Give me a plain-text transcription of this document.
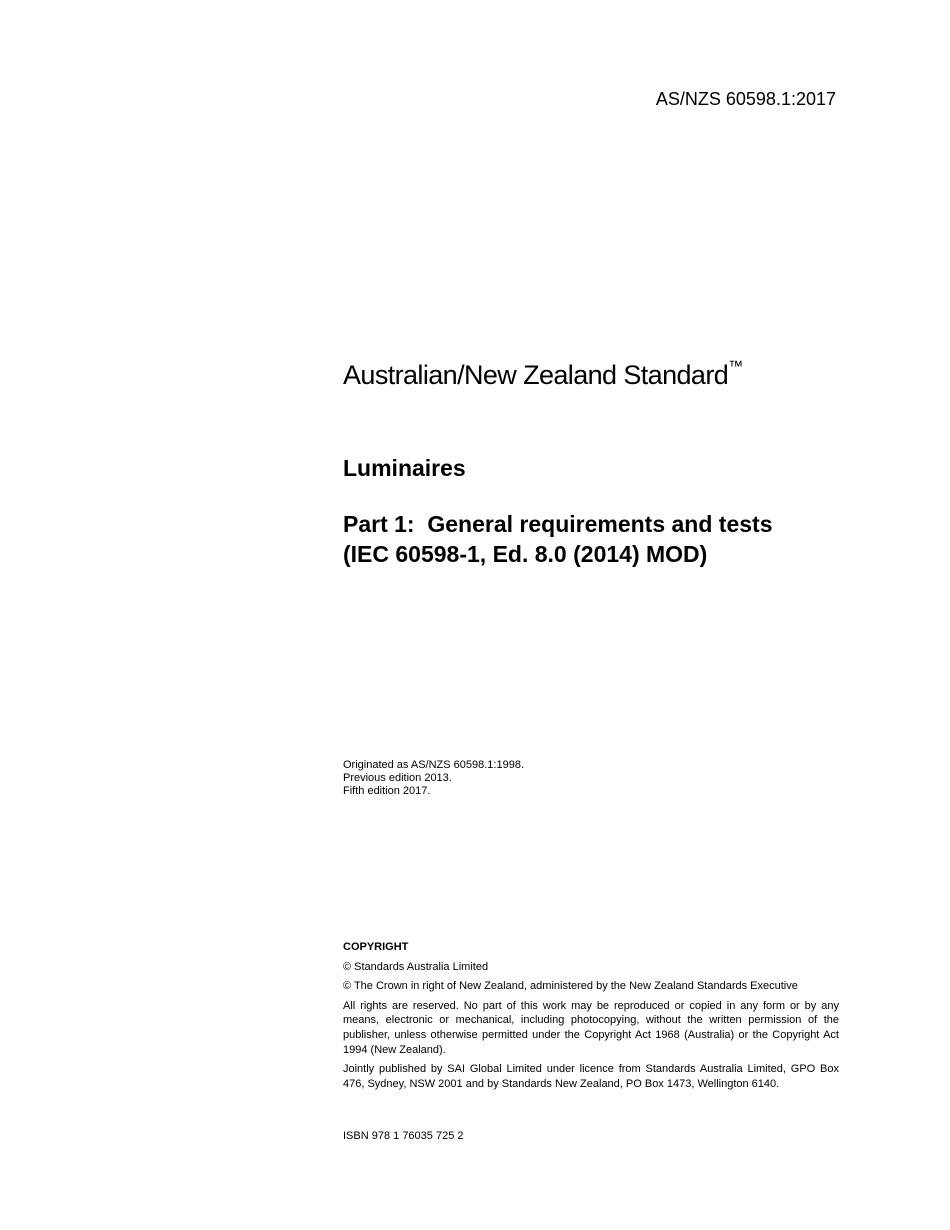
AS/NZS 60598.1:2017
Australian/New Zealand Standard™
Luminaires
Part 1:  General requirements and tests
(IEC 60598-1, Ed. 8.0 (2014) MOD)
Originated as AS/NZS 60598.1:1998.
Previous edition 2013.
Fifth edition 2017.
COPYRIGHT

© Standards Australia Limited

© The Crown in right of New Zealand, administered by the New Zealand Standards Executive

All rights are reserved. No part of this work may be reproduced or copied in any form or by any means, electronic or mechanical, including photocopying, without the written permission of the publisher, unless otherwise permitted under the Copyright Act 1968 (Australia) or the Copyright Act 1994 (New Zealand).

Jointly published by SAI Global Limited under licence from Standards Australia Limited, GPO Box 476, Sydney, NSW 2001 and by Standards New Zealand, PO Box 1473, Wellington 6140.

ISBN 978 1 76035 725 2
